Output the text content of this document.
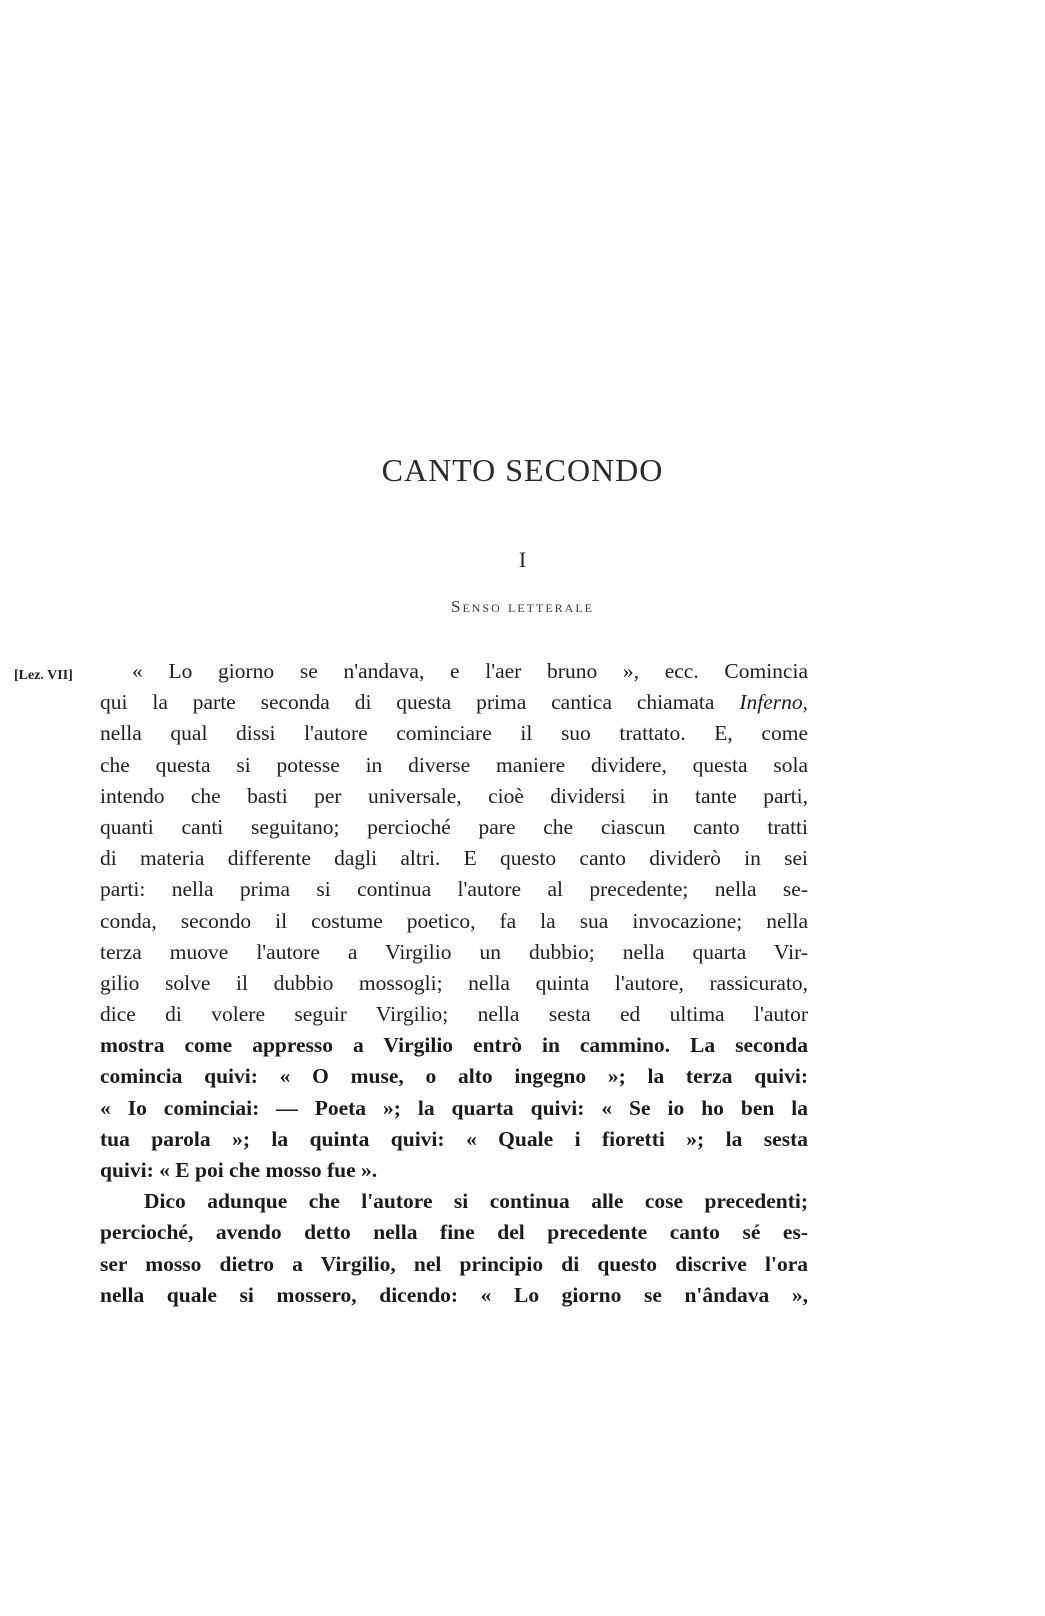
CANTO SECONDO
I
Senso letterale
[Lez. VII]	« Lo giorno se n'andava, e l'aer bruno », ecc. Comincia
qui la parte seconda di questa prima cantica chiamata Inferno,
nella qual dissi l'autore cominciare il suo trattato. E, come
che questa si potesse in diverse maniere dividere, questa sola
intendo che basti per universale, cioè dividersi in tante parti,
quanti canti seguitano; percioché pare che ciascun canto tratti
di materia differente dagli altri. E questo canto dividerò in sei
parti: nella prima si continua l'autore al precedente; nella se-
conda, secondo il costume poetico, fa la sua invocazione; nella
terza muove l'autore a Virgilio un dubbio; nella quarta Vir-
gilio solve il dubbio mossogli; nella quinta l'autore, rassicurato,
dice di volere seguir Virgilio; nella sesta ed ultima l'autor
mostra come appresso a Virgilio entrò in cammino. La seconda
comincia quivi: « O muse, o alto ingegno »; la terza quivi:
« Io cominciai: — Poeta »; la quarta quivi: « Se io ho ben la
tua parola »; la quinta quivi: « Quale i fioretti »; la sesta
quivi: « E poi che mosso fue ».
Dico adunque che l'autore si continua alle cose precedenti;
percioché, avendo detto nella fine del precedente canto sé es-
ser mosso dietro a Virgilio, nel principio di questo discrive l'ora
nella quale si mossero, dicendo: « Lo giorno se n'ândava »,
